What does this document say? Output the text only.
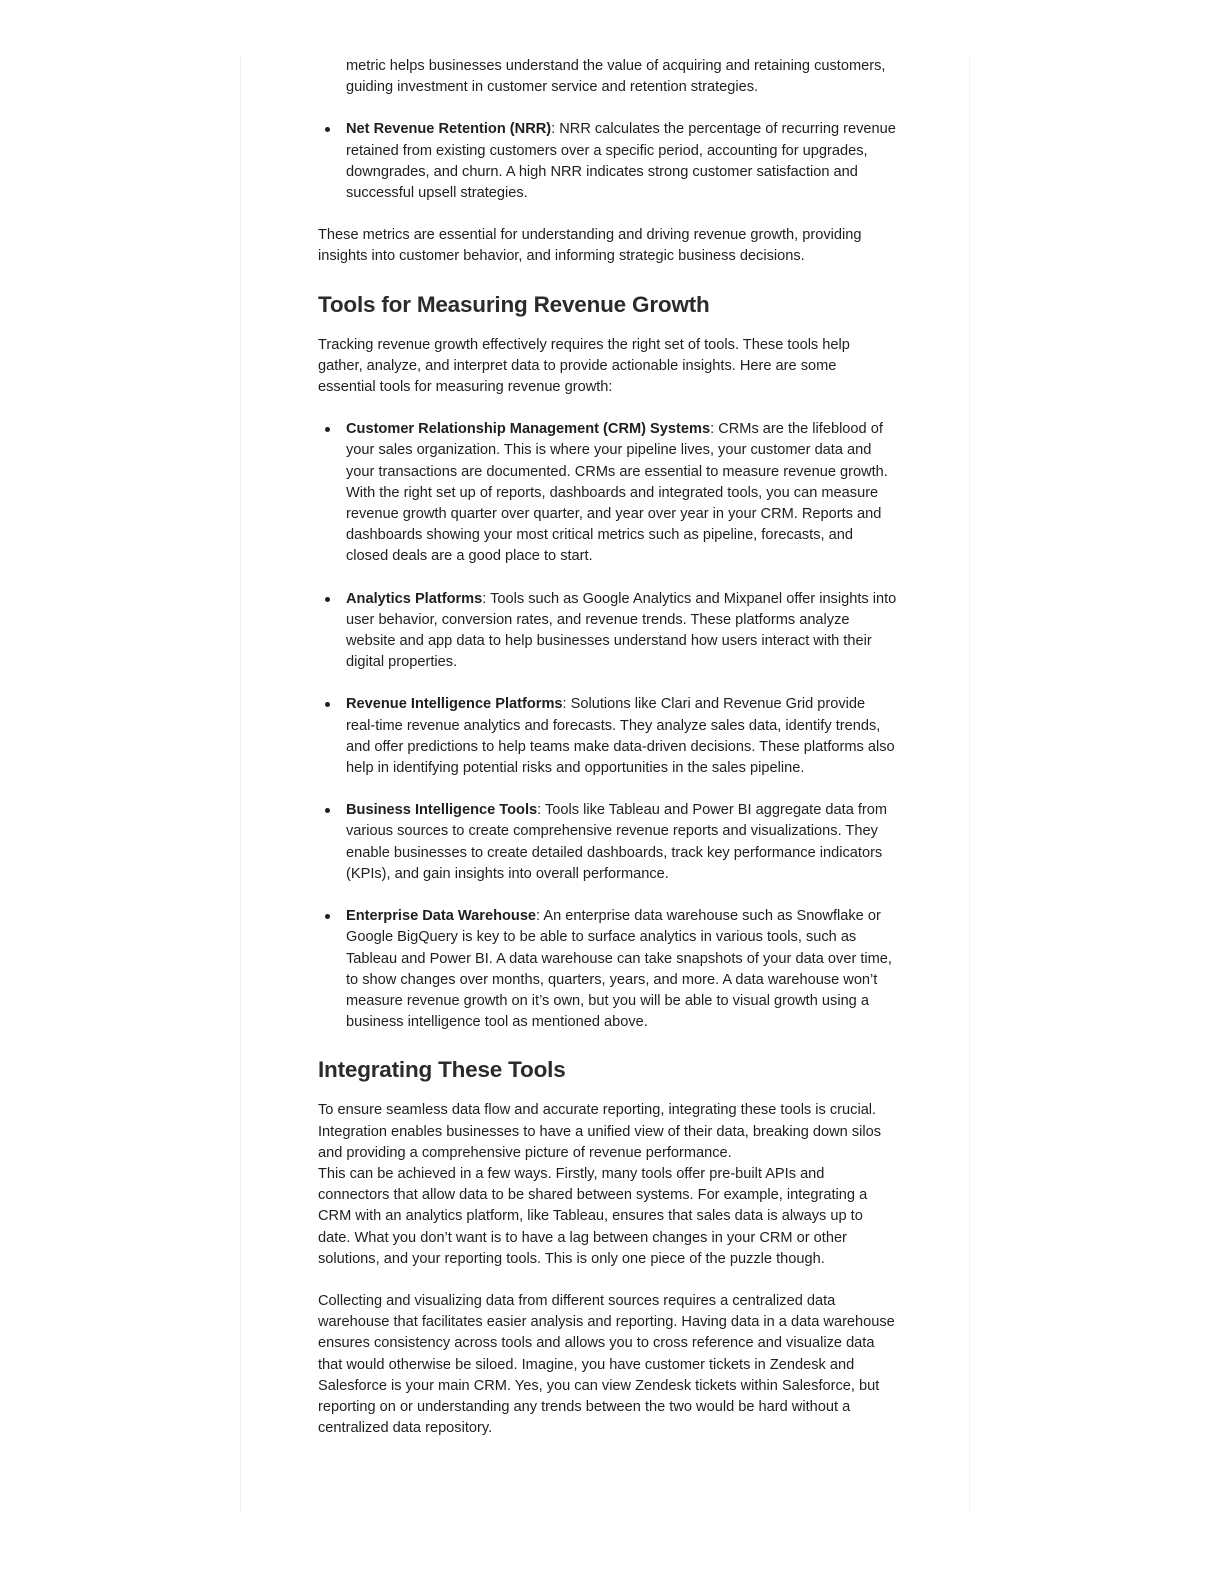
metric helps businesses understand the value of acquiring and retaining customers, guiding investment in customer service and retention strategies.
Net Revenue Retention (NRR): NRR calculates the percentage of recurring revenue retained from existing customers over a specific period, accounting for upgrades, downgrades, and churn. A high NRR indicates strong customer satisfaction and successful upsell strategies.

These metrics are essential for understanding and driving revenue growth, providing insights into customer behavior, and informing strategic business decisions.

Tools for Measuring Revenue Growth

Tracking revenue growth effectively requires the right set of tools. These tools help gather, analyze, and interpret data to provide actionable insights. Here are some essential tools for measuring revenue growth:

Customer Relationship Management (CRM) Systems: CRMs are the lifeblood of your sales organization. This is where your pipeline lives, your customer data and your transactions are documented. CRMs are essential to measure revenue growth. With the right set up of reports, dashboards and integrated tools, you can measure revenue growth quarter over quarter, and year over year in your CRM. Reports and dashboards showing your most critical metrics such as pipeline, forecasts, and closed deals are a good place to start.
Analytics Platforms: Tools such as Google Analytics and Mixpanel offer insights into user behavior, conversion rates, and revenue trends. These platforms analyze website and app data to help businesses understand how users interact with their digital properties.
Revenue Intelligence Platforms: Solutions like Clari and Revenue Grid provide real-time revenue analytics and forecasts. They analyze sales data, identify trends, and offer predictions to help teams make data-driven decisions. These platforms also help in identifying potential risks and opportunities in the sales pipeline.
Business Intelligence Tools: Tools like Tableau and Power BI aggregate data from various sources to create comprehensive revenue reports and visualizations. They enable businesses to create detailed dashboards, track key performance indicators (KPIs), and gain insights into overall performance.
Enterprise Data Warehouse: An enterprise data warehouse such as Snowflake or Google BigQuery is key to be able to surface analytics in various tools, such as Tableau and Power BI. A data warehouse can take snapshots of your data over time, to show changes over months, quarters, years, and more. A data warehouse won’t measure revenue growth on it’s own, but you will be able to visual growth using a business intelligence tool as mentioned above.
Integrating These Tools

To ensure seamless data flow and accurate reporting, integrating these tools is crucial. Integration enables businesses to have a unified view of their data, breaking down silos and providing a comprehensive picture of revenue performance.

This can be achieved in a few ways. Firstly, many tools offer pre-built APIs and connectors that allow data to be shared between systems. For example, integrating a CRM with an analytics platform, like Tableau, ensures that sales data is always up to date. What you don’t want is to have a lag between changes in your CRM or other solutions, and your reporting tools. This is only one piece of the puzzle though.

Collecting and visualizing data from different sources requires a centralized data warehouse that facilitates easier analysis and reporting. Having data in a data warehouse ensures consistency across tools and allows you to cross reference and visualize data that would otherwise be siloed. Imagine, you have customer tickets in Zendesk and Salesforce is your main CRM. Yes, you can view Zendesk tickets within Salesforce, but reporting on or understanding any trends between the two would be hard without a centralized data repository.
